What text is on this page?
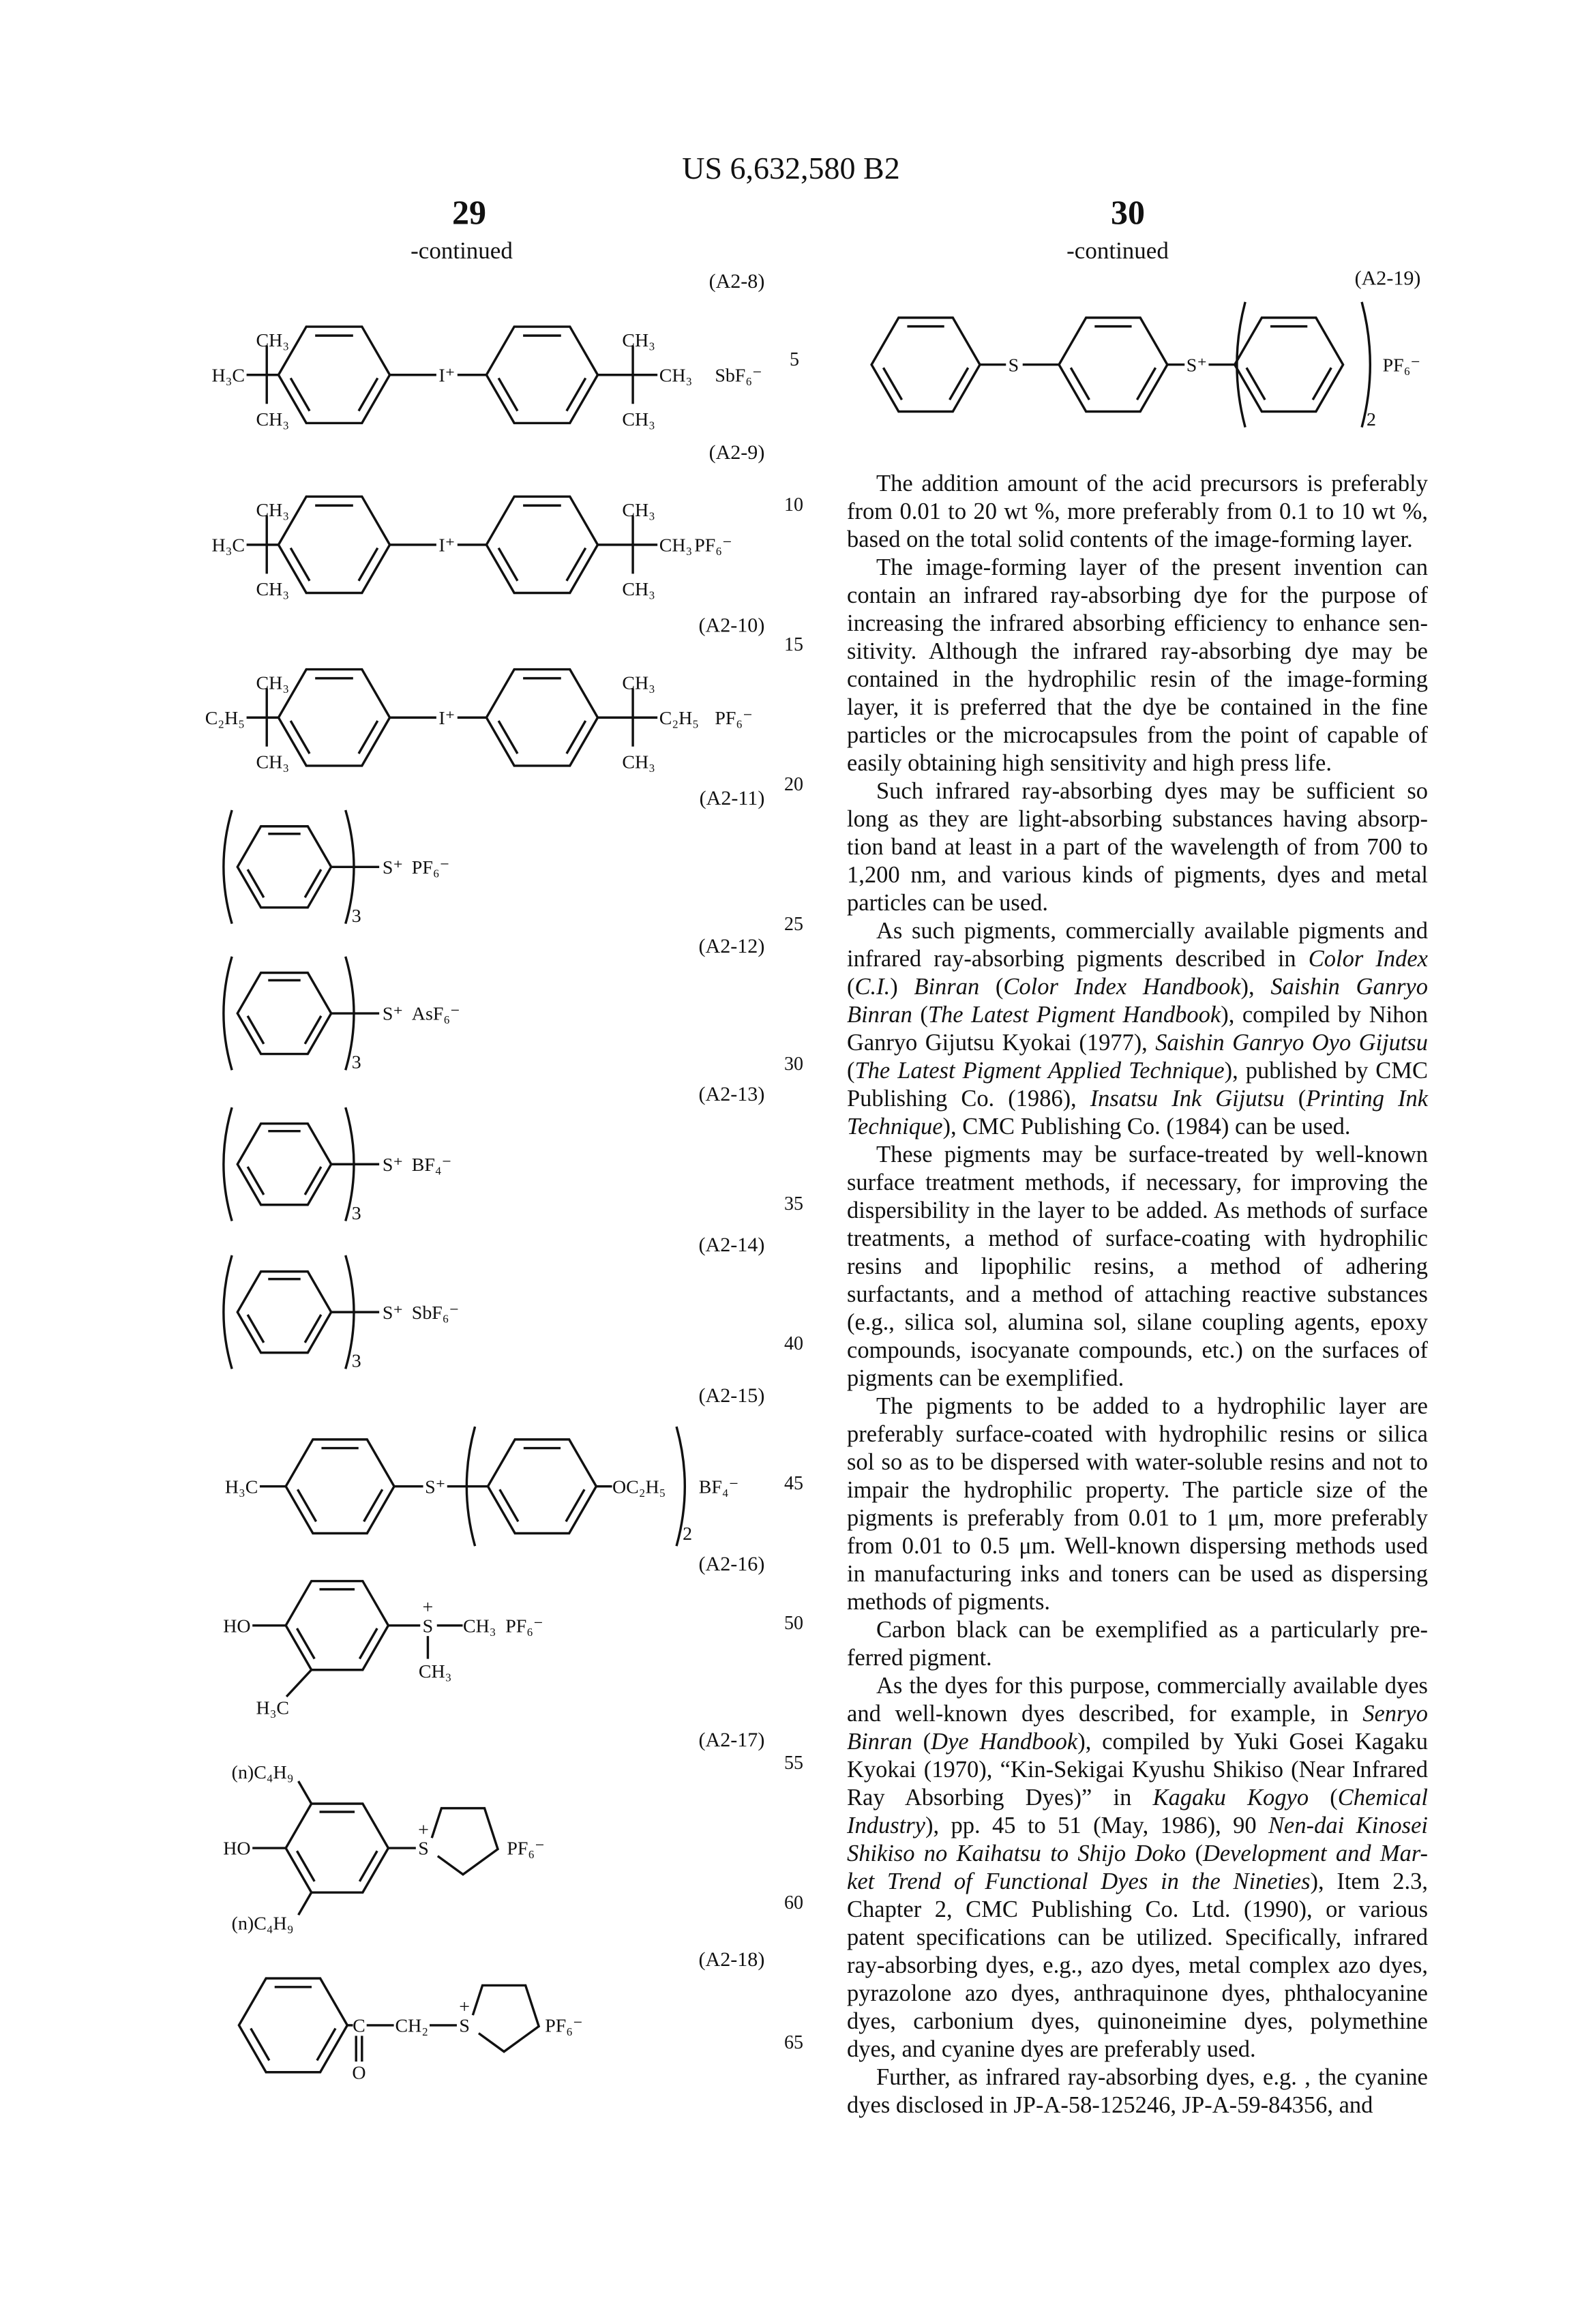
US 6,632,580 B2
29	30
-continued	-continued
(A2-8)
H₃C
CH₃
CH₃
I⁺
CH₃
CH₃
CH₃	SbF₆⁻
(A2-9)
H₃C
CH₃
CH₃
I⁺
CH₃
CH₃
CH₃ PF₆⁻
(A2-10)
C₂H₅
CH₃
CH₃
I⁺
CH₃
CH₃
C₂H₅ PF₆⁻
(A2-11)
S⁺ PF₆⁻
3
(A2-12)
S⁺ AsF₆⁻
3
(A2-13)
S⁺ BF₄⁻
3
(A2-14)
S⁺ SbF₆⁻
3
(A2-15)
H₃C	S⁺	OC₂H₅
2
BF₄⁻
(A2-16)
HO	S
+
CH₃ PF₆⁻
CH₃
H₃C
(A2-17)
(n)C₄H₉
HO
(n)C₄H₉
S
+
PF₆⁻
(A2-18)
C
O
CH₂	S
+
PF₆⁻
(A2-19)
S	S⁺
2
PF₆⁻
5
The addition amount of the acid precursors is preferably
from 0.01 to 20 wt %, more preferably from 0.1 to 10 wt %,
10
based on the total solid contents of the image-forming layer.
The image-forming layer of the present invention can
contain an infrared ray-absorbing dye for the purpose of
increasing the infrared absorbing efficiency to enhance sen-
sitivity. Although the infrared ray-absorbing dye may be
15
contained in the hydrophilic resin of the image-forming
layer, it is preferred that the dye be contained in the fine
particles or the microcapsules from the point of capable of
easily obtaining high sensitivity and high press life.
Such infrared ray-absorbing dyes may be sufficient so
20
long as they are light-absorbing substances having absorp-
tion band at least in a part of the wavelength of from 700 to
1,200 nm, and various kinds of pigments, dyes and metal
particles can be used.
As such pigments, commercially available pigments and
25
infrared ray-absorbing pigments described in Color Index
(C.I.) Binran (Color Index Handbook), Saishin Ganryo
Binran (The Latest Pigment Handbook), compiled by Nihon
Ganryo Gijutsu Kyokai (1977), Saishin Ganryo Oyo Gijutsu
(The Latest Pigment Applied Technique), published by CMC
30
Publishing Co. (1986), Insatsu Ink Gijutsu (Printing Ink
Technique), CMC Publishing Co. (1984) can be used.
These pigments may be surface-treated by well-known
surface treatment methods, if necessary, for improving the
dispersibility in the layer to be added. As methods of surface
35
treatments, a method of surface-coating with hydrophilic
resins and lipophilic resins, a method of adhering
surfactants, and a method of attaching reactive substances
(e.g., silica sol, alumina sol, silane coupling agents, epoxy
compounds, isocyanate compounds, etc.) on the surfaces of
40
pigments can be exemplified.
The pigments to be added to a hydrophilic layer are
preferably surface-coated with hydrophilic resins or silica
sol so as to be dispersed with water-soluble resins and not to
impair the hydrophilic property. The particle size of the
45
pigments is preferably from 0.01 to 1 μm, more preferably
from 0.01 to 0.5 μm. Well-known dispersing methods used
in manufacturing inks and toners can be used as dispersing
methods of pigments.
Carbon black can be exemplified as a particularly pre-
50
ferred pigment.
As the dyes for this purpose, commercially available dyes
and well-known dyes described, for example, in Senryo
Binran (Dye Handbook), compiled by Yuki Gosei Kagaku
Kyokai (1970), “Kin-Sekigai Kyushu Shikiso (Near Infrared
55
Ray Absorbing Dyes)” in Kagaku Kogyo (Chemical
Industry), pp. 45 to 51 (May, 1986), 90 Nen-dai Kinosei
Shikiso no Kaihatsu to Shijo Doko (Development and Mar-
ket Trend of Functional Dyes in the Nineties), Item 2.3,
Chapter 2, CMC Publishing Co. Ltd. (1990), or various
60
patent specifications can be utilized. Specifically, infrared
ray-absorbing dyes, e.g., azo dyes, metal complex azo dyes,
pyrazolone azo dyes, anthraquinone dyes, phthalocyanine
dyes, carbonium dyes, quinoneimine dyes, polymethine
dyes, and cyanine dyes are preferably used.
65
Further, as infrared ray-absorbing dyes, e.g. , the cyanine
dyes disclosed in JP-A-58-125246, JP-A-59-84356, and
